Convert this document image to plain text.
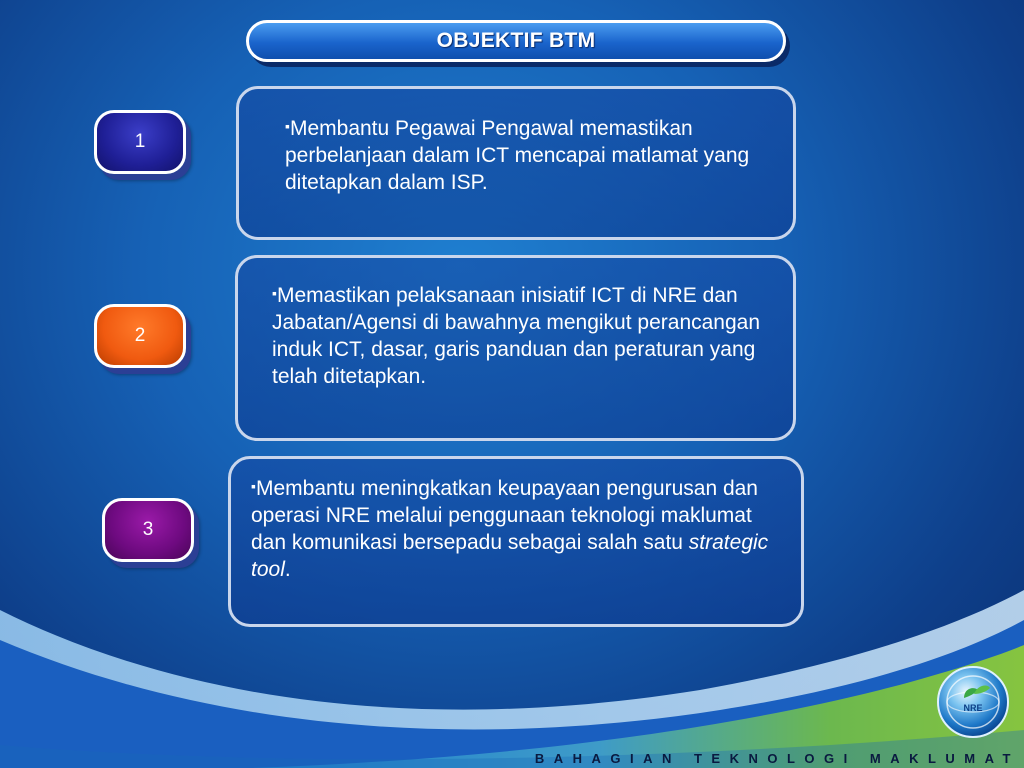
OBJEKTIF BTM
1
▪Membantu Pegawai Pengawal memastikan perbelanjaan dalam ICT mencapai matlamat yang ditetapkan dalam ISP.
2
▪Memastikan pelaksanaan inisiatif ICT di NRE dan Jabatan/Agensi di bawahnya mengikut perancangan induk ICT, dasar, garis panduan dan peraturan yang telah ditetapkan.
3
▪Membantu meningkatkan keupayaan pengurusan dan operasi NRE melalui penggunaan teknologi maklumat dan komunikasi bersepadu sebagai salah satu strategic tool.
NRE
BAHAGIAN TEKNOLOGI MAKLUMAT
